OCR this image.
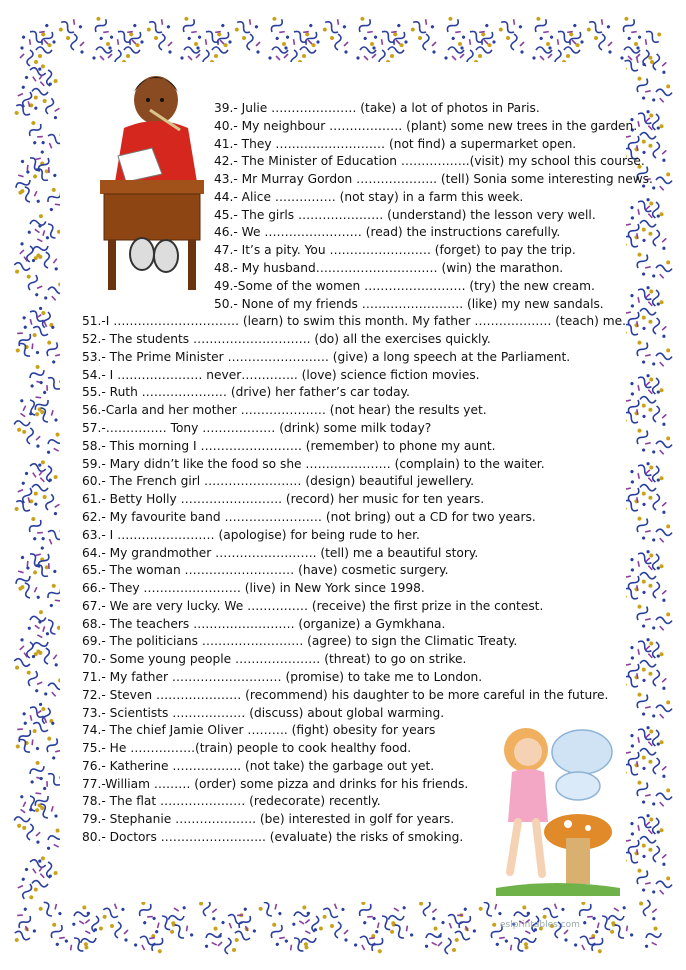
39.- Julie ………………… (take) a lot of photos in Paris.
40.- My neighbour ……………… (plant) some new trees in the garden.
41.- They ……………………… (not find) a supermarket open.
42.- The Minister of Education ……………..(visit) my school this course.
43.- Mr Murray Gordon ……………….. (tell) Sonia some interesting news.
44.- Alice …………… (not stay) in a farm this week.
45.- The girls ………………… (understand) the lesson very well.
46.- We …………………… (read) the instructions carefully.
47.- It’s a pity. You ……………………. (forget) to pay the trip.
48.- My husband………………………… (win) the marathon.
49.-Some of the women ……………………. (try) the new cream.
50.- None of my friends ……………………. (like) my new sandals.
51.-I …………………………. (learn) to swim this month. My father ………………. (teach) me.
52.- The students ……………………….. (do) all the exercises quickly.
53.- The Prime Minister ……………………. (give) a long speech at the Parliament.
54.- I ………………… never………….. (love) science fiction movies.
55.- Ruth ………………… (drive) her father’s car today.
56.-Carla and her mother ………………… (not hear) the results yet.
57.-…………… Tony ……………… (drink) some milk today?
58.- This morning I ……………………. (remember) to phone my aunt.
59.- Mary didn’t like the food so she ………………… (complain) to the waiter.
60.- The French girl …………………… (design) beautiful jewellery.
61.- Betty Holly ……………………. (record) her music for ten years.
62.- My favourite band …………………… (not bring) out a CD for two years.
63.- I …………………… (apologise) for being rude to her.
64.- My grandmother ……………………. (tell) me a beautiful story.
65.- The woman ……………………… (have) cosmetic surgery.
66.- They …………………… (live) in New York since 1998.
67.- We are very lucky. We …………… (receive) the first prize in the contest.
68.- The teachers ……………………. (organize) a Gymkhana.
69.- The politicians ……………………. (agree) to sign the Climatic Treaty.
70.- Some young people ………………… (threat) to go on strike.
71.- My father ……………………… (promise) to take me to London.
72.- Steven ………………… (recommend) his daughter to be more careful in the future.
73.- Scientists ……………… (discuss) about global warming.
74.- The chief Jamie Oliver ………. (fight) obesity for years
75.- He …………….(train) people to cook healthy food.
76.- Katherine …………….. (not take) the garbage out yet.
77.-William ……… (order) some pizza and drinks for his friends.
78.- The flat ………………… (redecorate) recently.
79.- Stephanie ……………….. (be) interested in golf for years.
80.- Doctors …………………….. (evaluate) the risks of smoking.
eslprintables.com
